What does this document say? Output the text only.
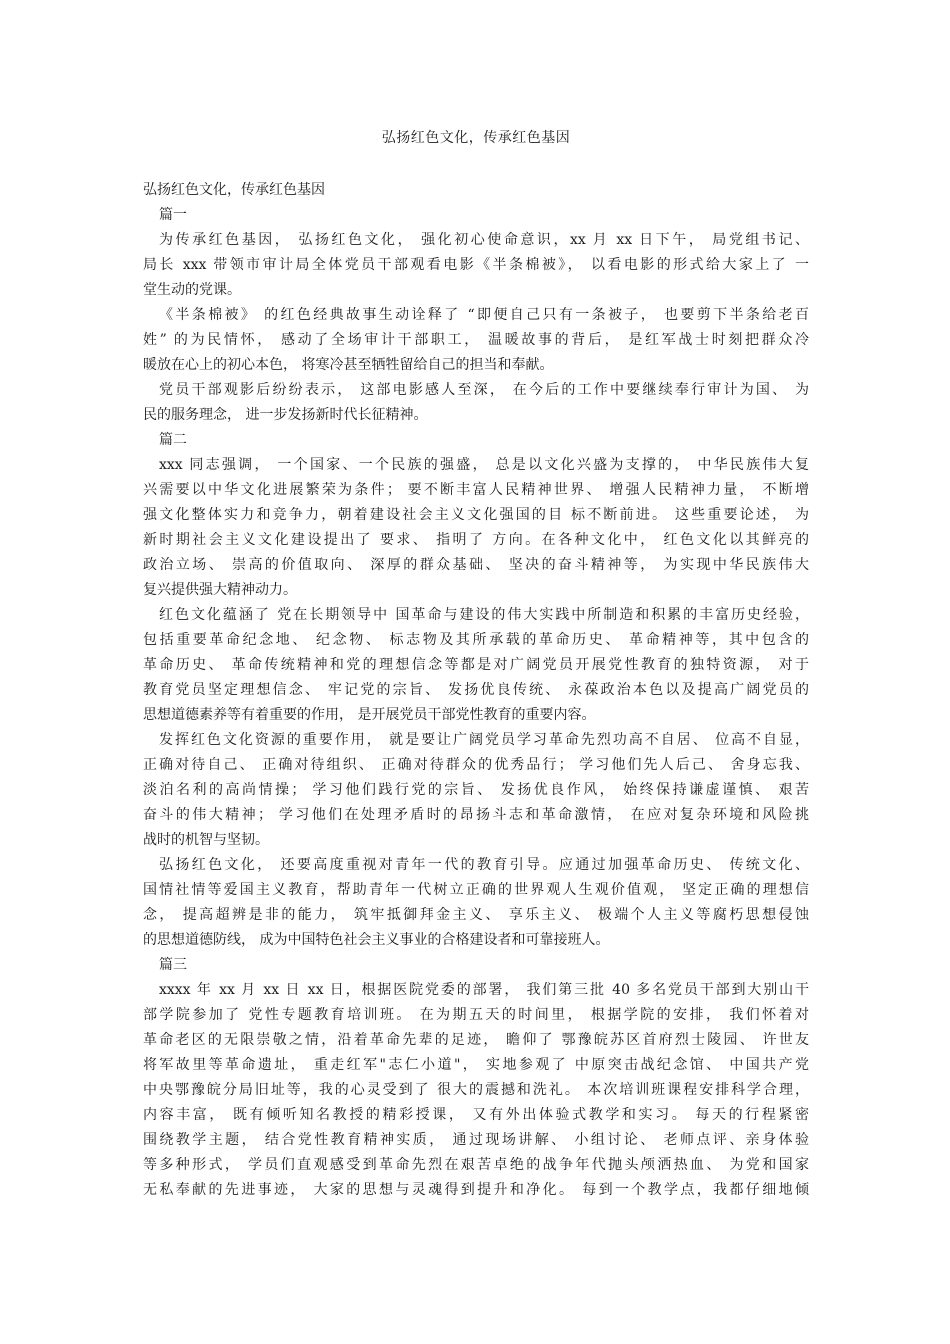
弘扬红色文化，传承红色基因
弘扬红色文化，传承红色基因
篇一
为传承红色基因， 弘扬红色文化， 强化初心使命意识，xx 月 xx 日下午， 局党组书记、
局长 xxx 带领市审计局全体党员干部观看电影《半条棉被》， 以看电影的形式给大家上了 一
堂生动的党课。
《半条棉被》 的红色经典故事生动诠释了 “即便自己只有一条被子， 也要剪下半条给老百
姓” 的为民情怀， 感动了全场审计干部职工， 温暖故事的背后， 是红军战士时刻把群众冷
暖放在心上的初心本色， 将寒冷甚至牺牲留给自己的担当和奉献。
党员干部观影后纷纷表示， 这部电影感人至深， 在今后的工作中要继续奉行审计为国、 为
民的服务理念， 进一步发扬新时代长征精神。
篇二
xxx 同志强调， 一个国家、一个民族的强盛， 总是以文化兴盛为支撑的， 中华民族伟大复
兴需要以中华文化进展繁荣为条件； 要不断丰富人民精神世界、 增强人民精神力量， 不断增
强文化整体实力和竞争力，朝着建设社会主义文化强国的目 标不断前进。 这些重要论述， 为
新时期社会主义文化建设提出了 要求、 指明了 方向。在各种文化中， 红色文化以其鲜亮的
政治立场、 崇高的价值取向、 深厚的群众基础、 坚决的奋斗精神等， 为实现中华民族伟大
复兴提供强大精神动力。
红色文化蕴涵了 党在长期领导中 国革命与建设的伟大实践中所制造和积累的丰富历史经验，
包括重要革命纪念地、 纪念物、 标志物及其所承载的革命历史、 革命精神等，其中包含的
革命历史、 革命传统精神和党的理想信念等都是对广阔党员开展党性教育的独特资源， 对于
教育党员坚定理想信念、 牢记党的宗旨、 发扬优良传统、 永葆政治本色以及提高广阔党员的
思想道德素养等有着重要的作用， 是开展党员干部党性教育的重要内容。
发挥红色文化资源的重要作用， 就是要让广阔党员学习革命先烈功高不自居、 位高不自显，
正确对待自己、 正确对待组织、 正确对待群众的优秀品行； 学习他们先人后己、 舍身忘我、
淡泊名利的高尚情操； 学习他们践行党的宗旨、 发扬优良作风， 始终保持谦虚谨慎、 艰苦
奋斗的伟大精神； 学习他们在处理矛盾时的昂扬斗志和革命激情， 在应对复杂环境和风险挑
战时的机智与坚韧。
弘扬红色文化， 还要高度重视对青年一代的教育引导。应通过加强革命历史、 传统文化、
国情社情等爱国主义教育，帮助青年一代树立正确的世界观人生观价值观， 坚定正确的理想信
念， 提高超辨是非的能力， 筑牢抵御拜金主义、 享乐主义、 极端个人主义等腐朽思想侵蚀
的思想道德防线， 成为中国特色社会主义事业的合格建设者和可靠接班人。
篇三
xxxx 年 xx 月 xx 日 xx 日，根据医院党委的部署， 我们第三批 40 多名党员干部到大别山干
部学院参加了 党性专题教育培训班。 在为期五天的时间里， 根据学院的安排， 我们怀着对
革命老区的无限崇敬之情，沿着革命先辈的足迹， 瞻仰了 鄂豫皖苏区首府烈士陵园、 许世友
将军故里等革命遗址， 重走红军"志仁小道"， 实地参观了 中原突击战纪念馆、 中国共产党
中央鄂豫皖分局旧址等，我的心灵受到了 很大的震撼和洗礼。 本次培训班课程安排科学合理，
内容丰富， 既有倾听知名教授的精彩授课， 又有外出体验式教学和实习。 每天的行程紧密
围绕教学主题， 结合党性教育精神实质， 通过现场讲解、 小组讨论、 老师点评、亲身体验
等多种形式， 学员们直观感受到革命先烈在艰苦卓绝的战争年代抛头颅洒热血、 为党和国家
无私奉献的先进事迹， 大家的思想与灵魂得到提升和净化。 每到一个教学点，我都仔细地倾
